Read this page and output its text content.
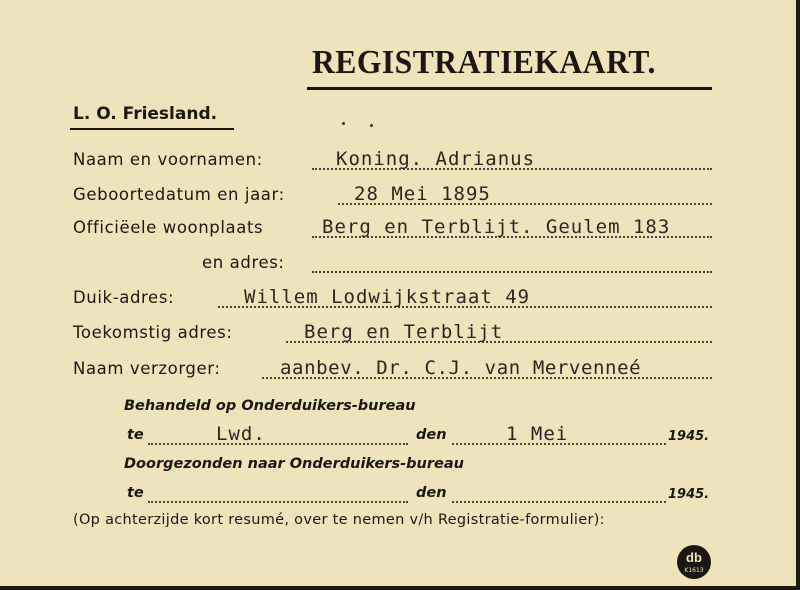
REGISTRATIEKAART.
L. O. Friesland.
Naam en voornamen:	Koning. Adrianus
Geboortedatum en jaar:	28 Mei 1895
Officiëele woonplaats	Berg en Terblijt. Geulem 183
en adres:
Duik-adres:	Willem Lodwijkstraat 49
Toekomstig adres:	Berg en Terblijt
Naam verzorger:	aanbev. Dr. C.J. van Mervenneé
Behandeld op Onderduikers-bureau
te	Lwd.	den	1 Mei	1945.
Doorgezonden naar Onderduikers-bureau
te	den	1945.
(Op achterzijde kort resumé, over te nemen v/h Registratie-formulier):
db
K1613
